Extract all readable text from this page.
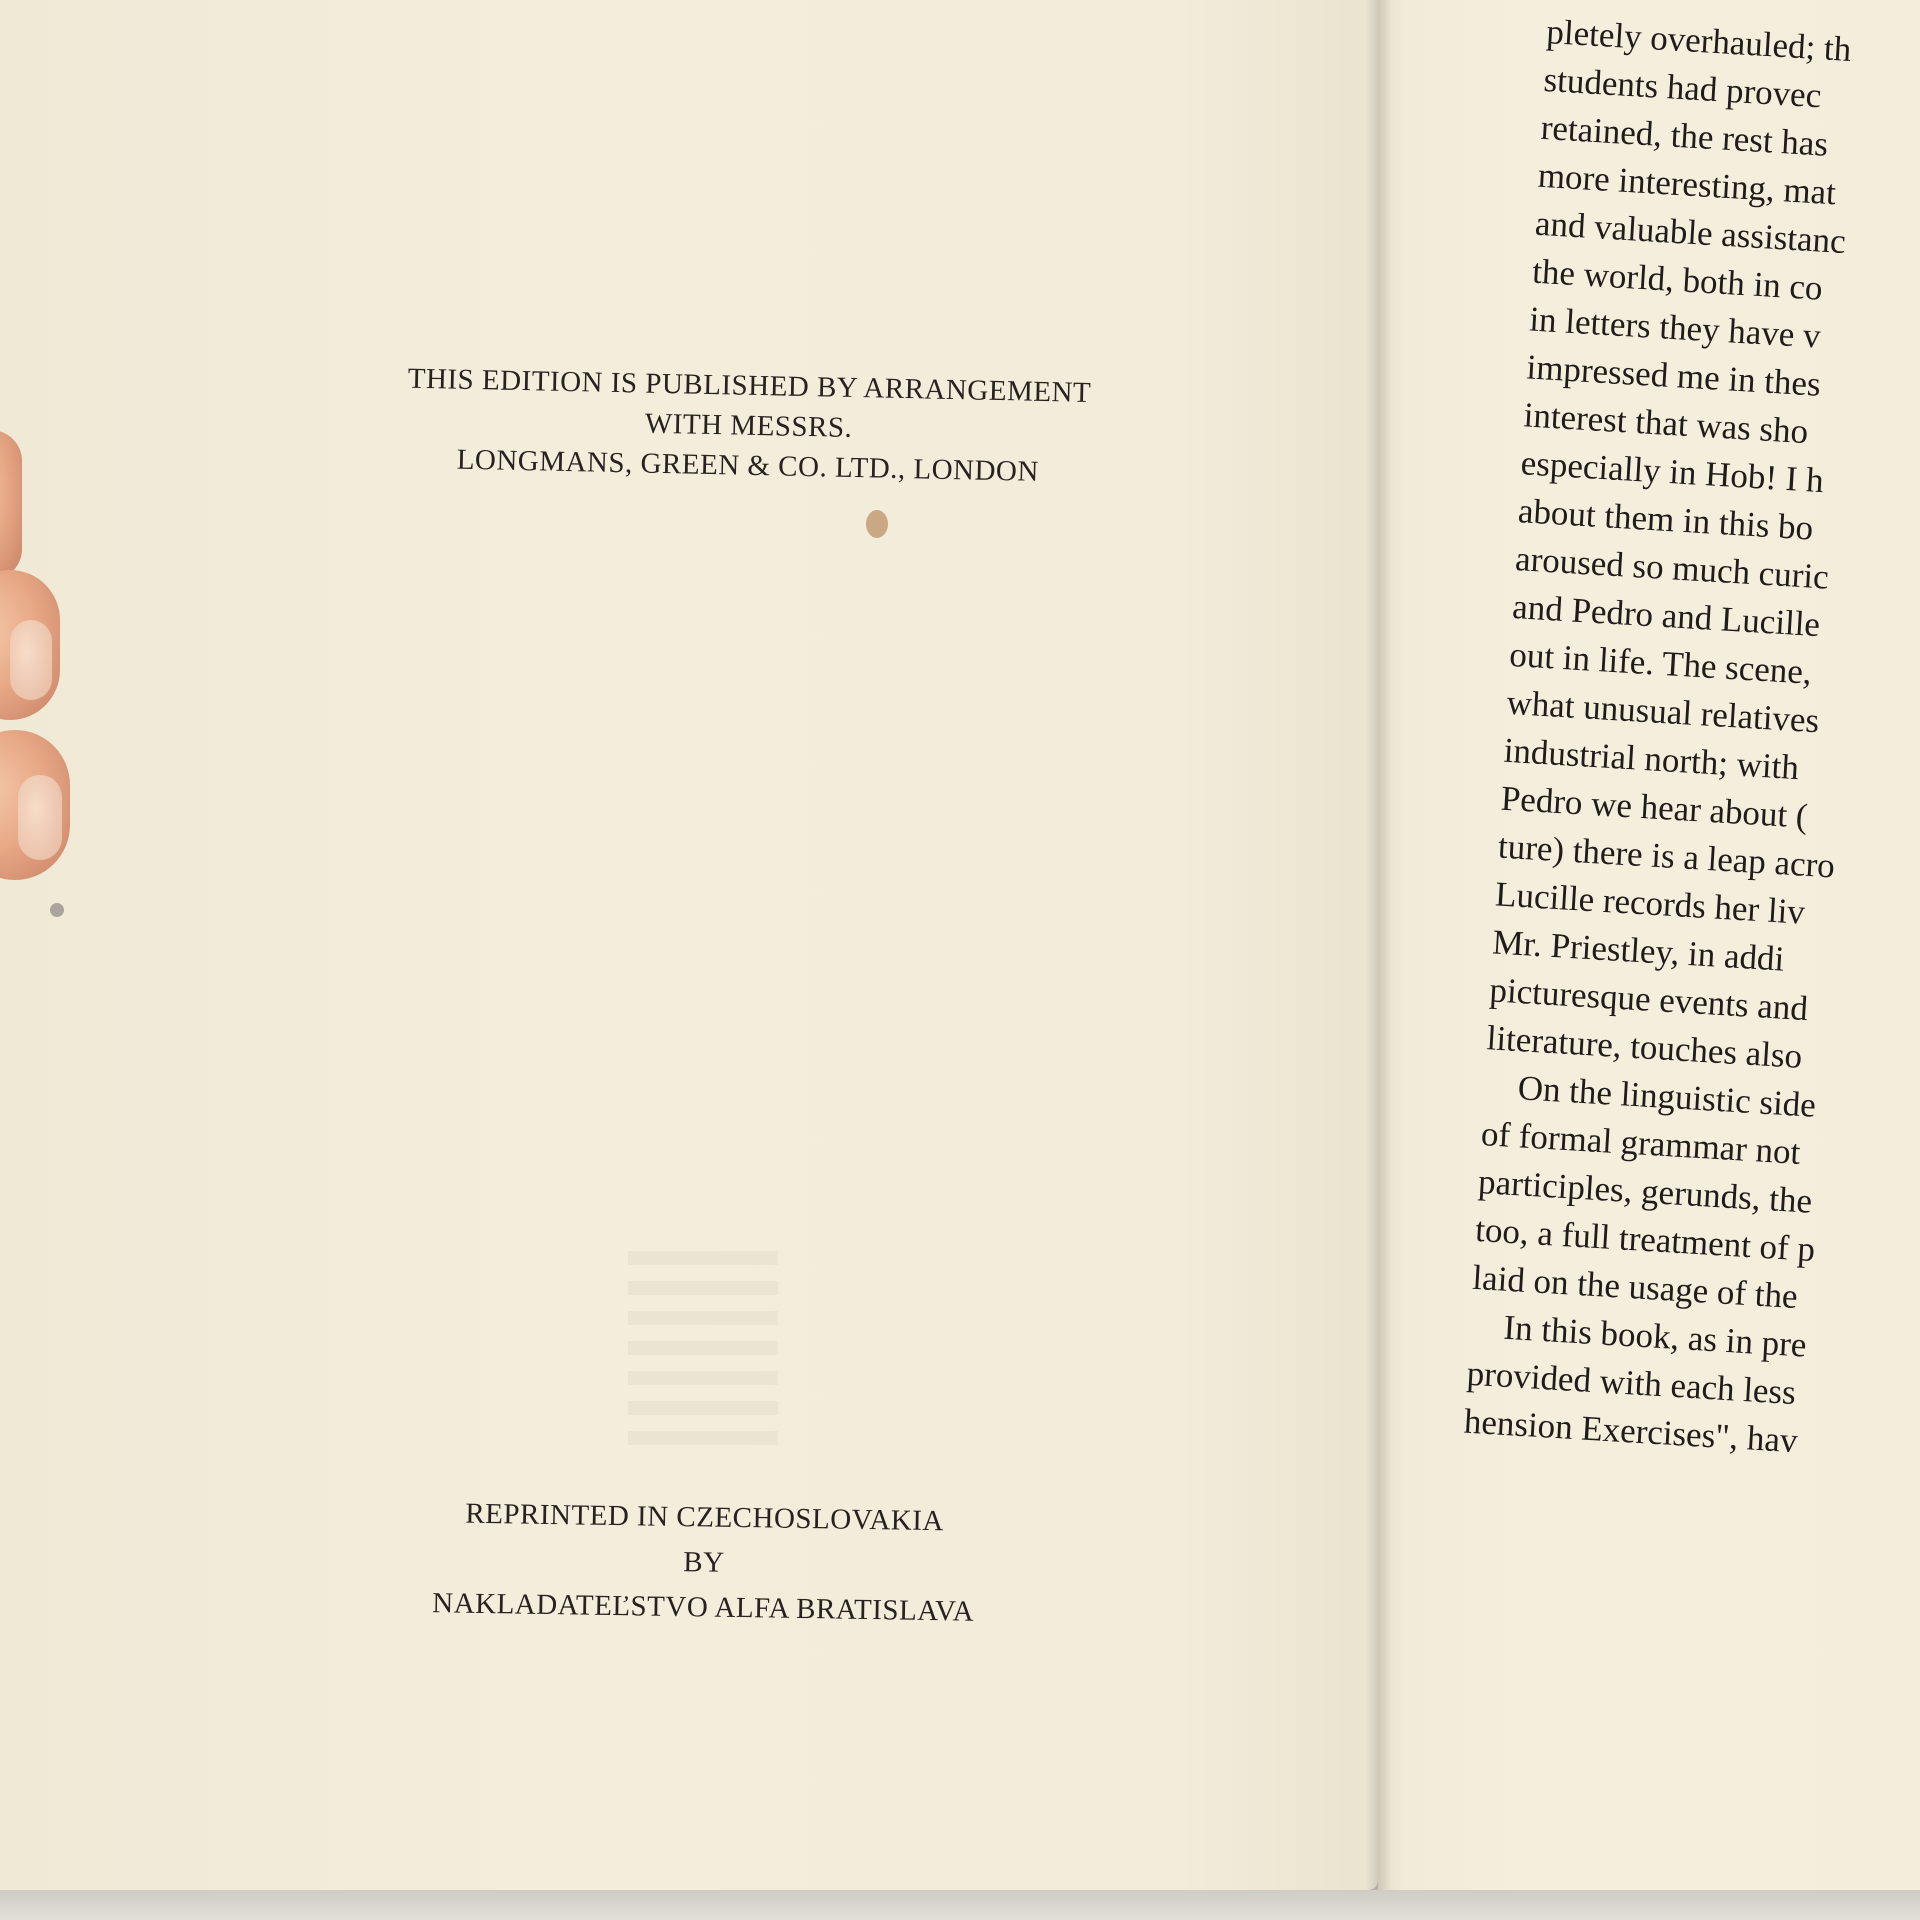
THIS EDITION IS PUBLISHED BY ARRANGEMENT
WITH MESSRS.
LONGMANS, GREEN & CO. LTD., LONDON
REPRINTED IN CZECHOSLOVAKIA
BY
NAKLADATEĽSTVO ALFA BRATISLAVA
pletely overhauled; th
students had provec
retained, the rest has
more interesting, mat
and valuable assistanc
the world, both in co
in letters they have v
impressed me in thes
interest that was sho
especially in Hob! I h
about them in this bo
aroused so much curic
and Pedro and Lucille
out in life. The scene,
what unusual relatives
industrial north; with
Pedro we hear about (
ture) there is a leap acro
Lucille records her liv
Mr. Priestley, in addi
picturesque events and
literature, touches also
On the linguistic side
of formal grammar not
participles, gerunds, the
too, a full treatment of p
laid on the usage of the
In this book, as in pre
provided with each less
hension Exercises", hav
